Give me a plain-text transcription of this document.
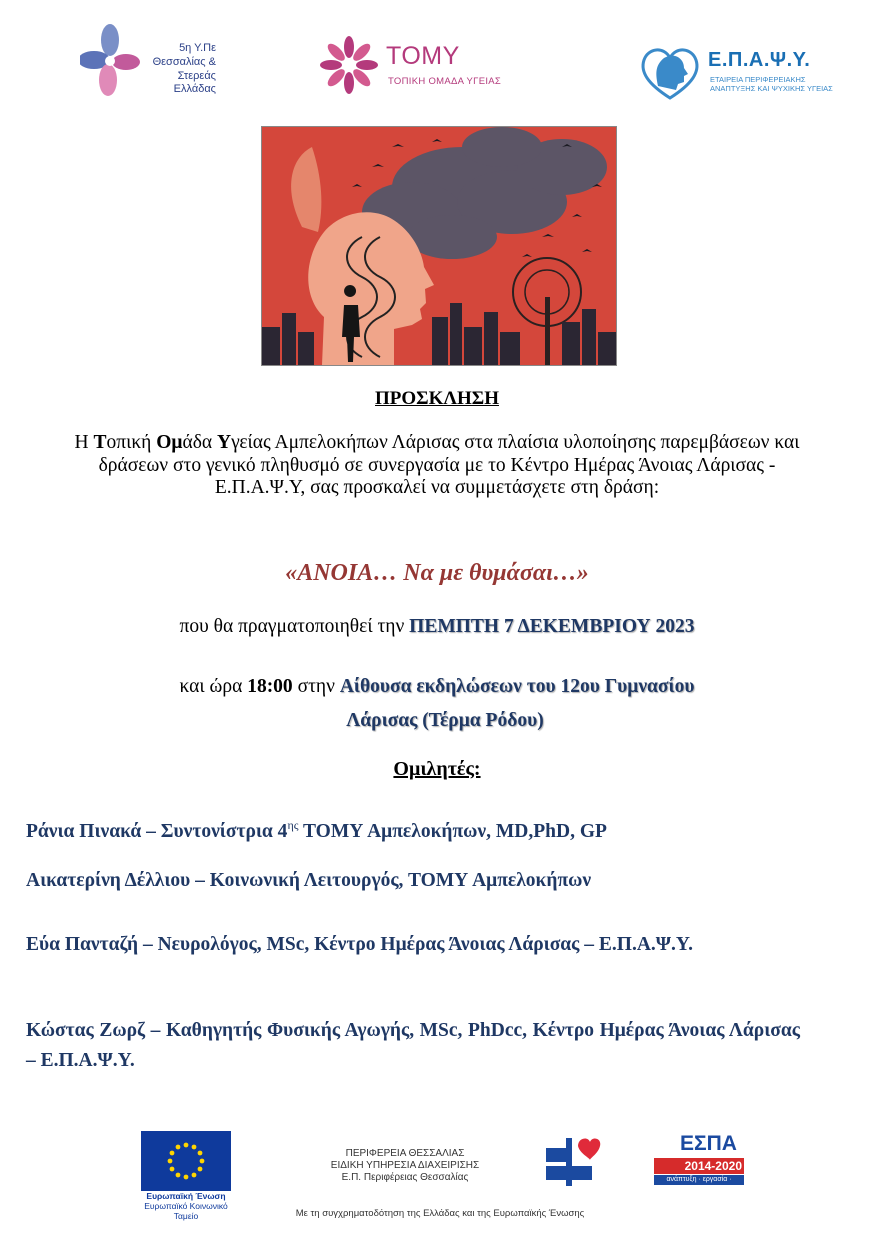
5η Υ.Πε
Θεσσαλίας &
Στερεάς Ελλάδας
ΤΟΜΥ
ΤΟΠΙΚΗ ΟΜΑΔΑ ΥΓΕΙΑΣ
Ε.Π.Α.Ψ.Υ.
ΕΤΑΙΡΕΙΑ ΠΕΡΙΦΕΡΕΙΑΚΗΣ
ΑΝΑΠΤΥΞΗΣ ΚΑΙ ΨΥΧΙΚΗΣ ΥΓΕΙΑΣ
ΠΡΟΣΚΛΗΣΗ
Η Τοπική Ομάδα Υγείας Αμπελοκήπων Λάρισας στα πλαίσια υλοποίησης παρεμβάσεων και δράσεων στο γενικό πληθυσμό σε συνεργασία με το Κέντρο Ημέρας Άνοιας Λάρισας - Ε.Π.Α.Ψ.Υ, σας προσκαλεί να συμμετάσχετε στη δράση:
«ΑΝΟΙΑ… Να με θυμάσαι…»
που θα πραγματοποιηθεί την ΠΕΜΠΤΗ 7 ΔΕΚΕΜΒΡΙΟΥ 2023
και ώρα 18:00 στην Αίθουσα εκδηλώσεων του 12ου Γυμνασίου
Λάρισας (Τέρμα Ρόδου)
Ομιλητές:
Ράνια Πινακά – Συντονίστρια $4^{\eta\varsigma}$ ΤΟΜΥ Αμπελοκήπων, MD,PhD, GP
Αικατερίνη Δέλλιου – Κοινωνική Λειτουργός, ΤΟΜΥ Αμπελοκήπων
Εύα Πανταζή – Νευρολόγος, MSc, Κέντρο Ημέρας Άνοιας Λάρισας – Ε.Π.Α.Ψ.Υ.
Κώστας Ζωρζ – Καθηγητής Φυσικής Αγωγής, MSc, PhDcc, Κέντρο Ημέρας Άνοιας Λάρισας – Ε.Π.Α.Ψ.Υ.
Ευρωπαϊκή Ένωση
Ευρωπαϊκό Κοινωνικό Ταμείο
ΠΕΡΙΦΕΡΕΙΑ ΘΕΣΣΑΛΙΑΣ
ΕΙΔΙΚΗ ΥΠΗΡΕΣΙΑ ΔΙΑΧΕΙΡΙΣΗΣ
Ε.Π. Περιφέρειας Θεσσαλίας
ΕΣΠΑ
2014-2020
ανάπτυξη · εργασία · αλληλεγγύη
Με τη συγχρηματοδότηση της Ελλάδας και της Ευρωπαϊκής Ένωσης
